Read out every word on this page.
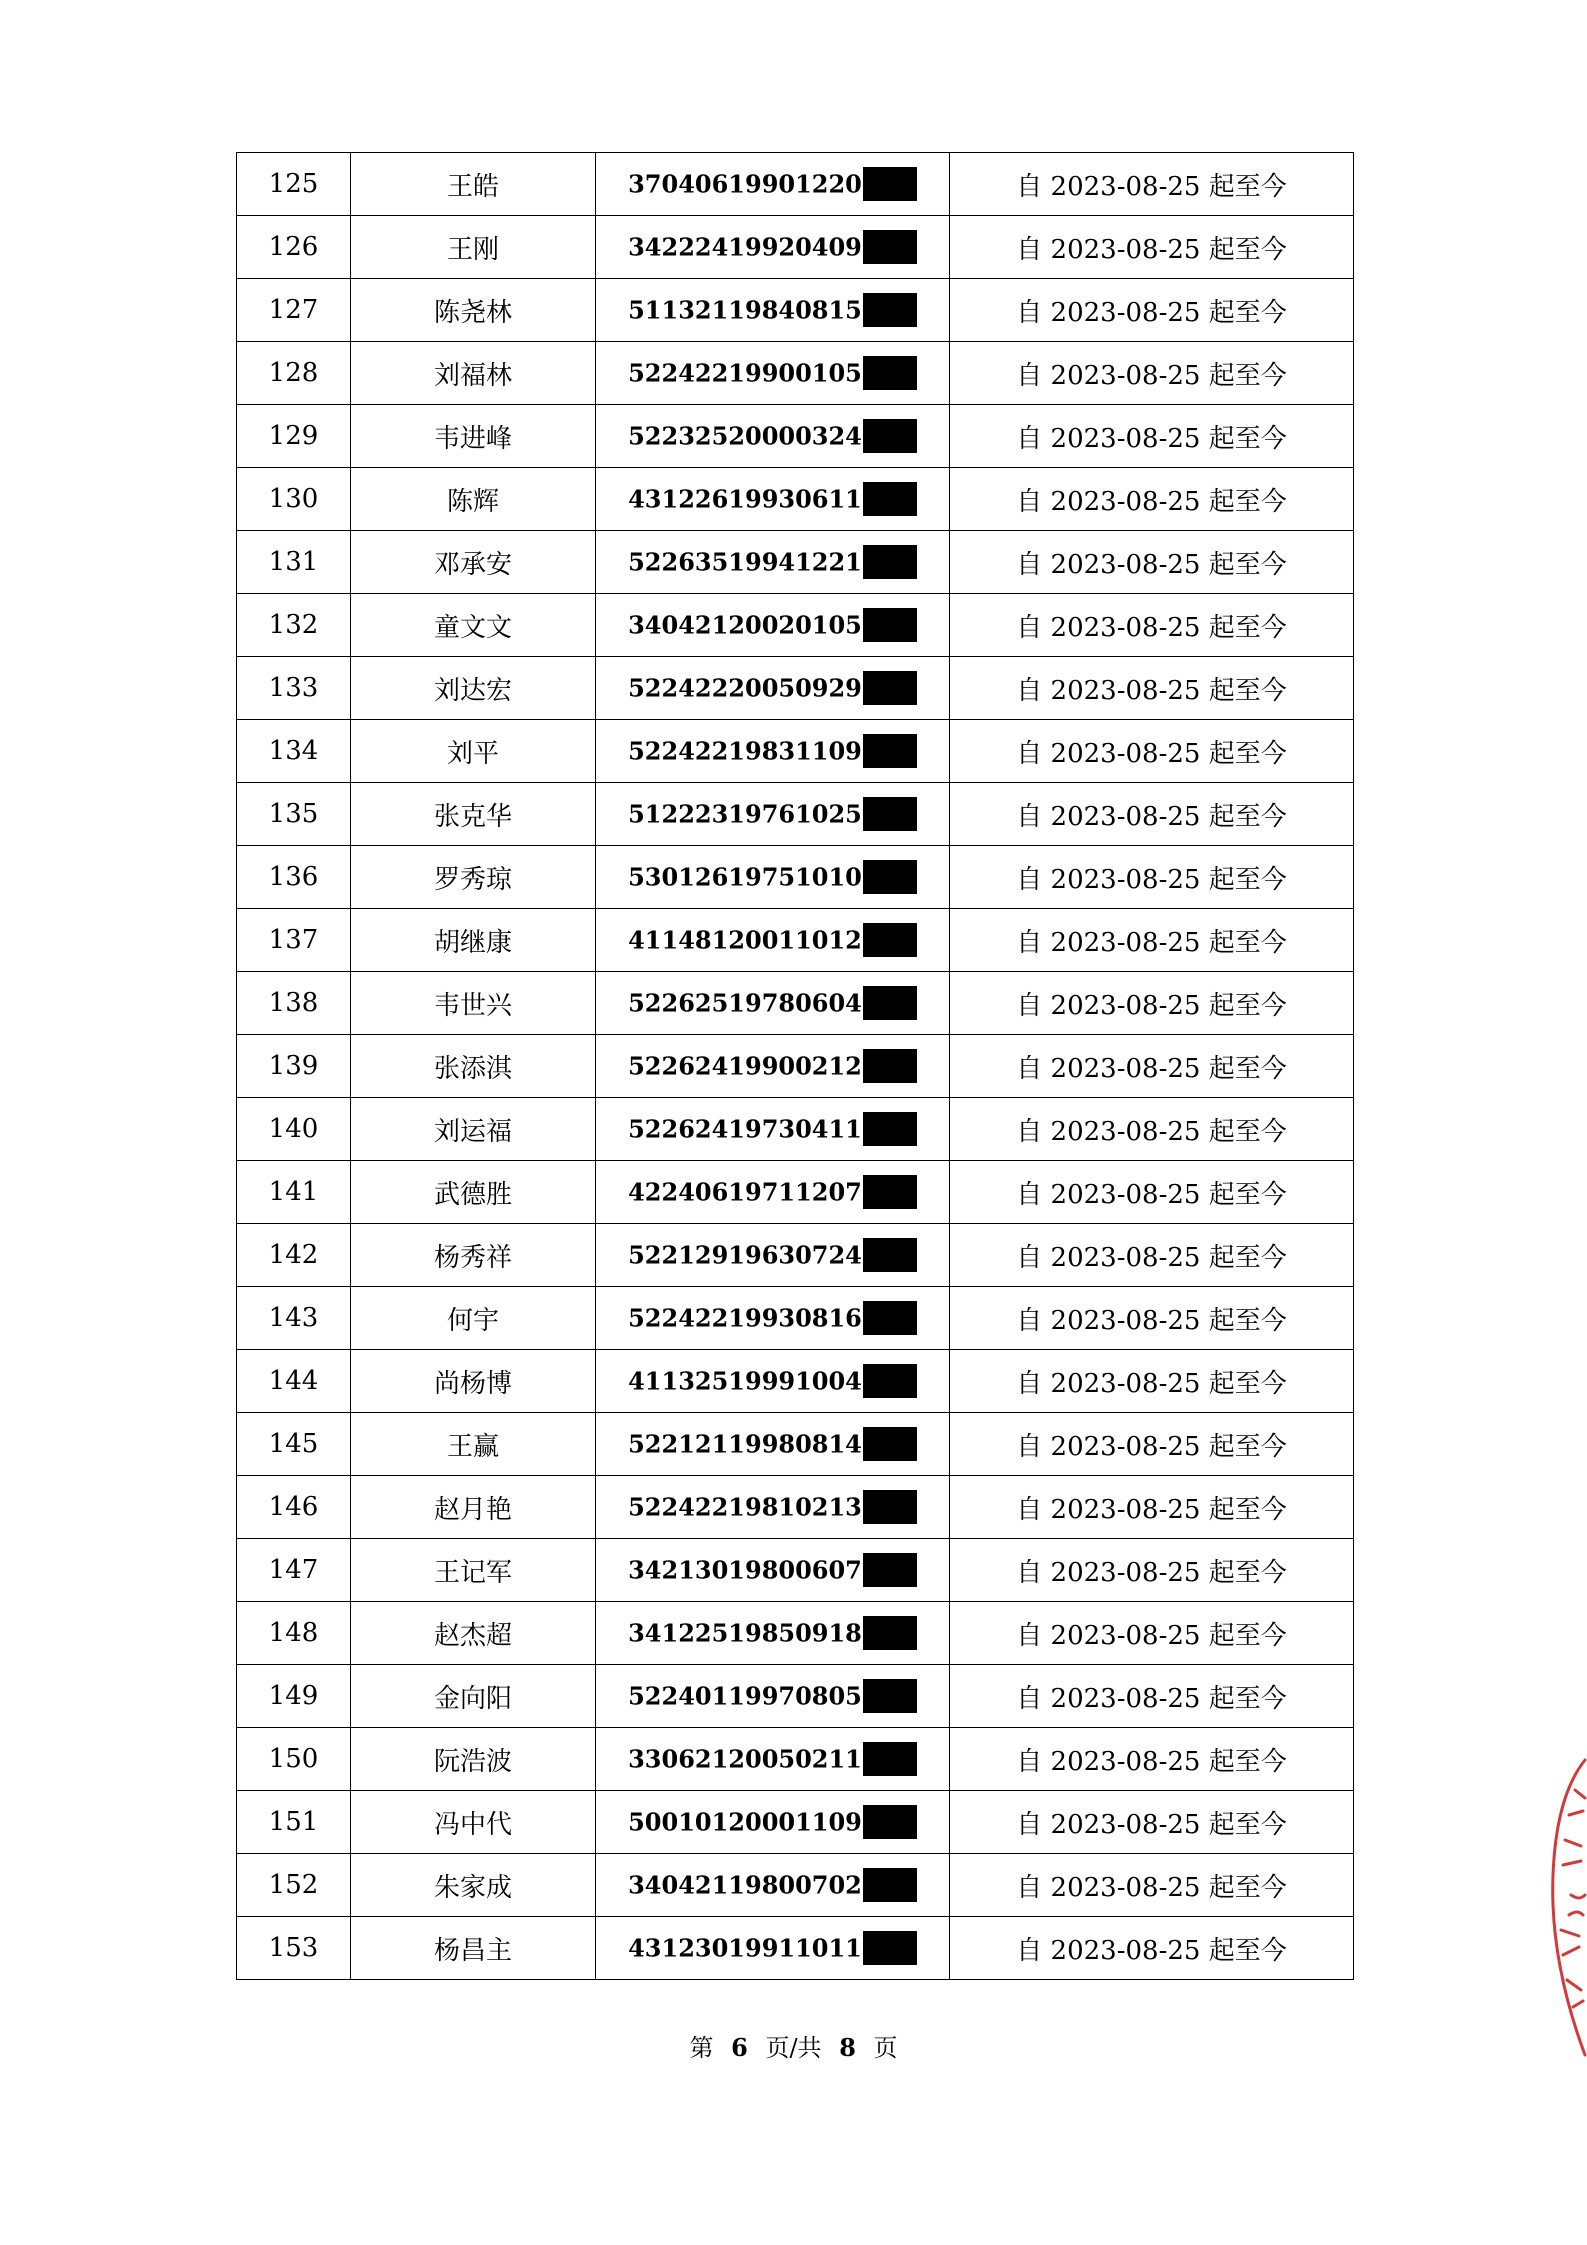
125	王皓	37040619901220	自 2023-08-25 起至今
126	王刚	34222419920409	自 2023-08-25 起至今
127	陈尧林	51132119840815	自 2023-08-25 起至今
128	刘福林	52242219900105	自 2023-08-25 起至今
129	韦进峰	52232520000324	自 2023-08-25 起至今
130	陈辉	43122619930611	自 2023-08-25 起至今
131	邓承安	52263519941221	自 2023-08-25 起至今
132	童文文	34042120020105	自 2023-08-25 起至今
133	刘达宏	52242220050929	自 2023-08-25 起至今
134	刘平	52242219831109	自 2023-08-25 起至今
135	张克华	51222319761025	自 2023-08-25 起至今
136	罗秀琼	53012619751010	自 2023-08-25 起至今
137	胡继康	41148120011012	自 2023-08-25 起至今
138	韦世兴	52262519780604	自 2023-08-25 起至今
139	张添淇	52262419900212	自 2023-08-25 起至今
140	刘运福	52262419730411	自 2023-08-25 起至今
141	武德胜	42240619711207	自 2023-08-25 起至今
142	杨秀祥	52212919630724	自 2023-08-25 起至今
143	何宇	52242219930816	自 2023-08-25 起至今
144	尚杨博	41132519991004	自 2023-08-25 起至今
145	王赢	52212119980814	自 2023-08-25 起至今
146	赵月艳	52242219810213	自 2023-08-25 起至今
147	王记军	34213019800607	自 2023-08-25 起至今
148	赵杰超	34122519850918	自 2023-08-25 起至今
149	金向阳	52240119970805	自 2023-08-25 起至今
150	阮浩波	33062120050211	自 2023-08-25 起至今
151	冯中代	50010120001109	自 2023-08-25 起至今
152	朱家成	34042119800702	自 2023-08-25 起至今
153	杨昌主	43123019911011	自 2023-08-25 起至今
第 6 页/共 8 页
